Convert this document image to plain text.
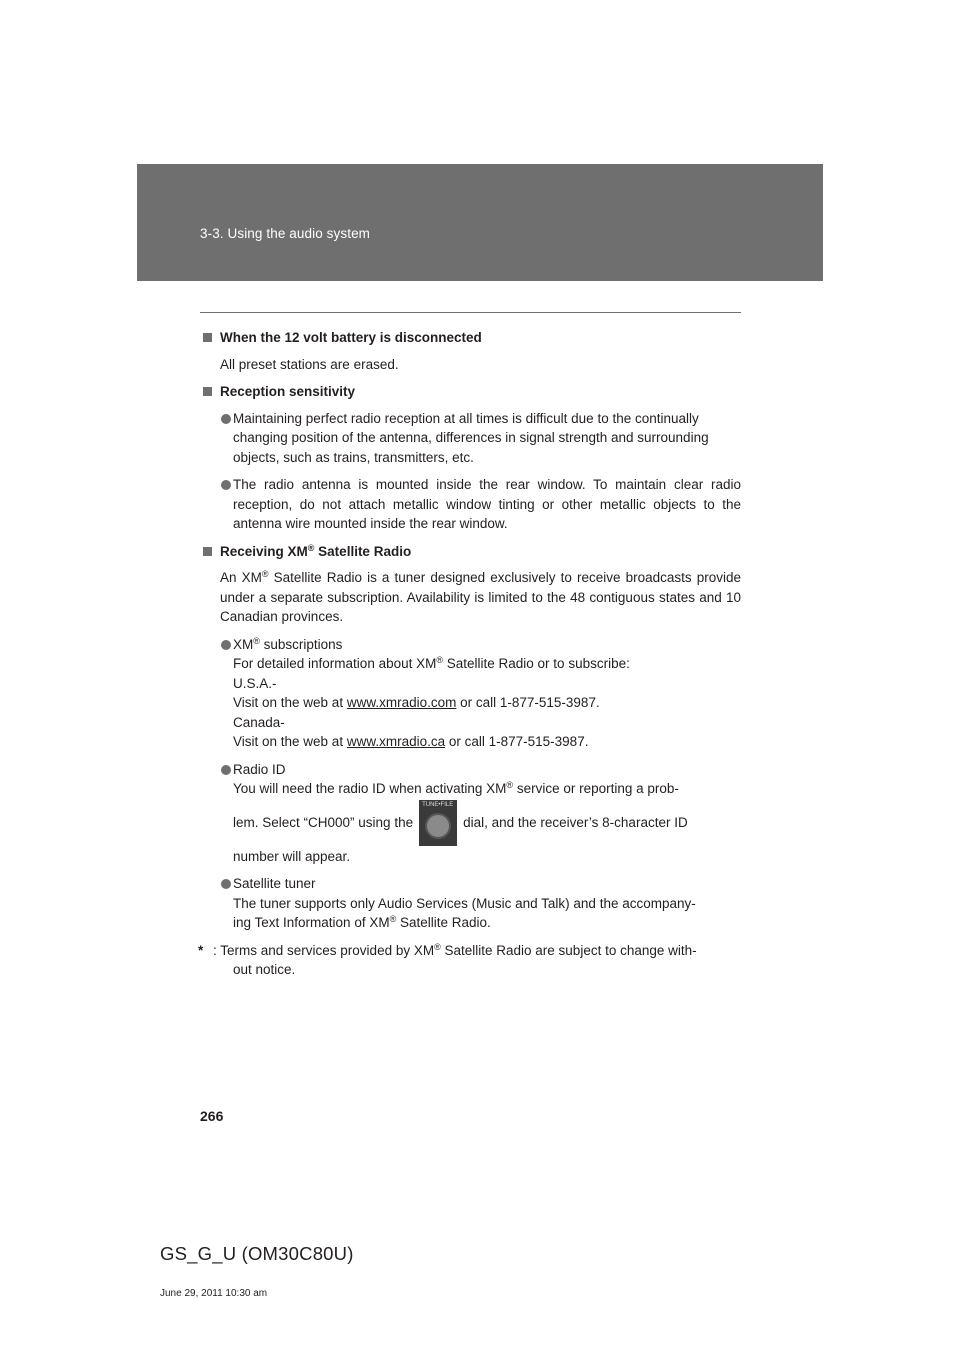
3-3. Using the audio system
When the 12 volt battery is disconnected
All preset stations are erased.
Reception sensitivity
Maintaining perfect radio reception at all times is difficult due to the continually changing position of the antenna, differences in signal strength and surrounding objects, such as trains, transmitters, etc.
The radio antenna is mounted inside the rear window. To maintain clear radio reception, do not attach metallic window tinting or other metallic objects to the antenna wire mounted inside the rear window.
Receiving XM® Satellite Radio
An XM® Satellite Radio is a tuner designed exclusively to receive broadcasts provide under a separate subscription. Availability is limited to the 48 contiguous states and 10 Canadian provinces.
XM® subscriptions
For detailed information about XM® Satellite Radio or to subscribe:
U.S.A.-
Visit on the web at www.xmradio.com or call 1-877-515-3987.
Canada-
Visit on the web at www.xmradio.ca or call 1-877-515-3987.
Radio ID
You will need the radio ID when activating XM® service or reporting a prob-
lem. Select “CH000” using the
TUNE•FILE
dial, and the receiver’s 8-character ID
number will appear.
Satellite tuner
The tuner supports only Audio Services (Music and Talk) and the accompany-
ing Text Information of XM® Satellite Radio.
* : Terms and services provided by XM® Satellite Radio are subject to change with-
out notice.
266
GS_G_U (OM30C80U)
June 29, 2011 10:30 am
